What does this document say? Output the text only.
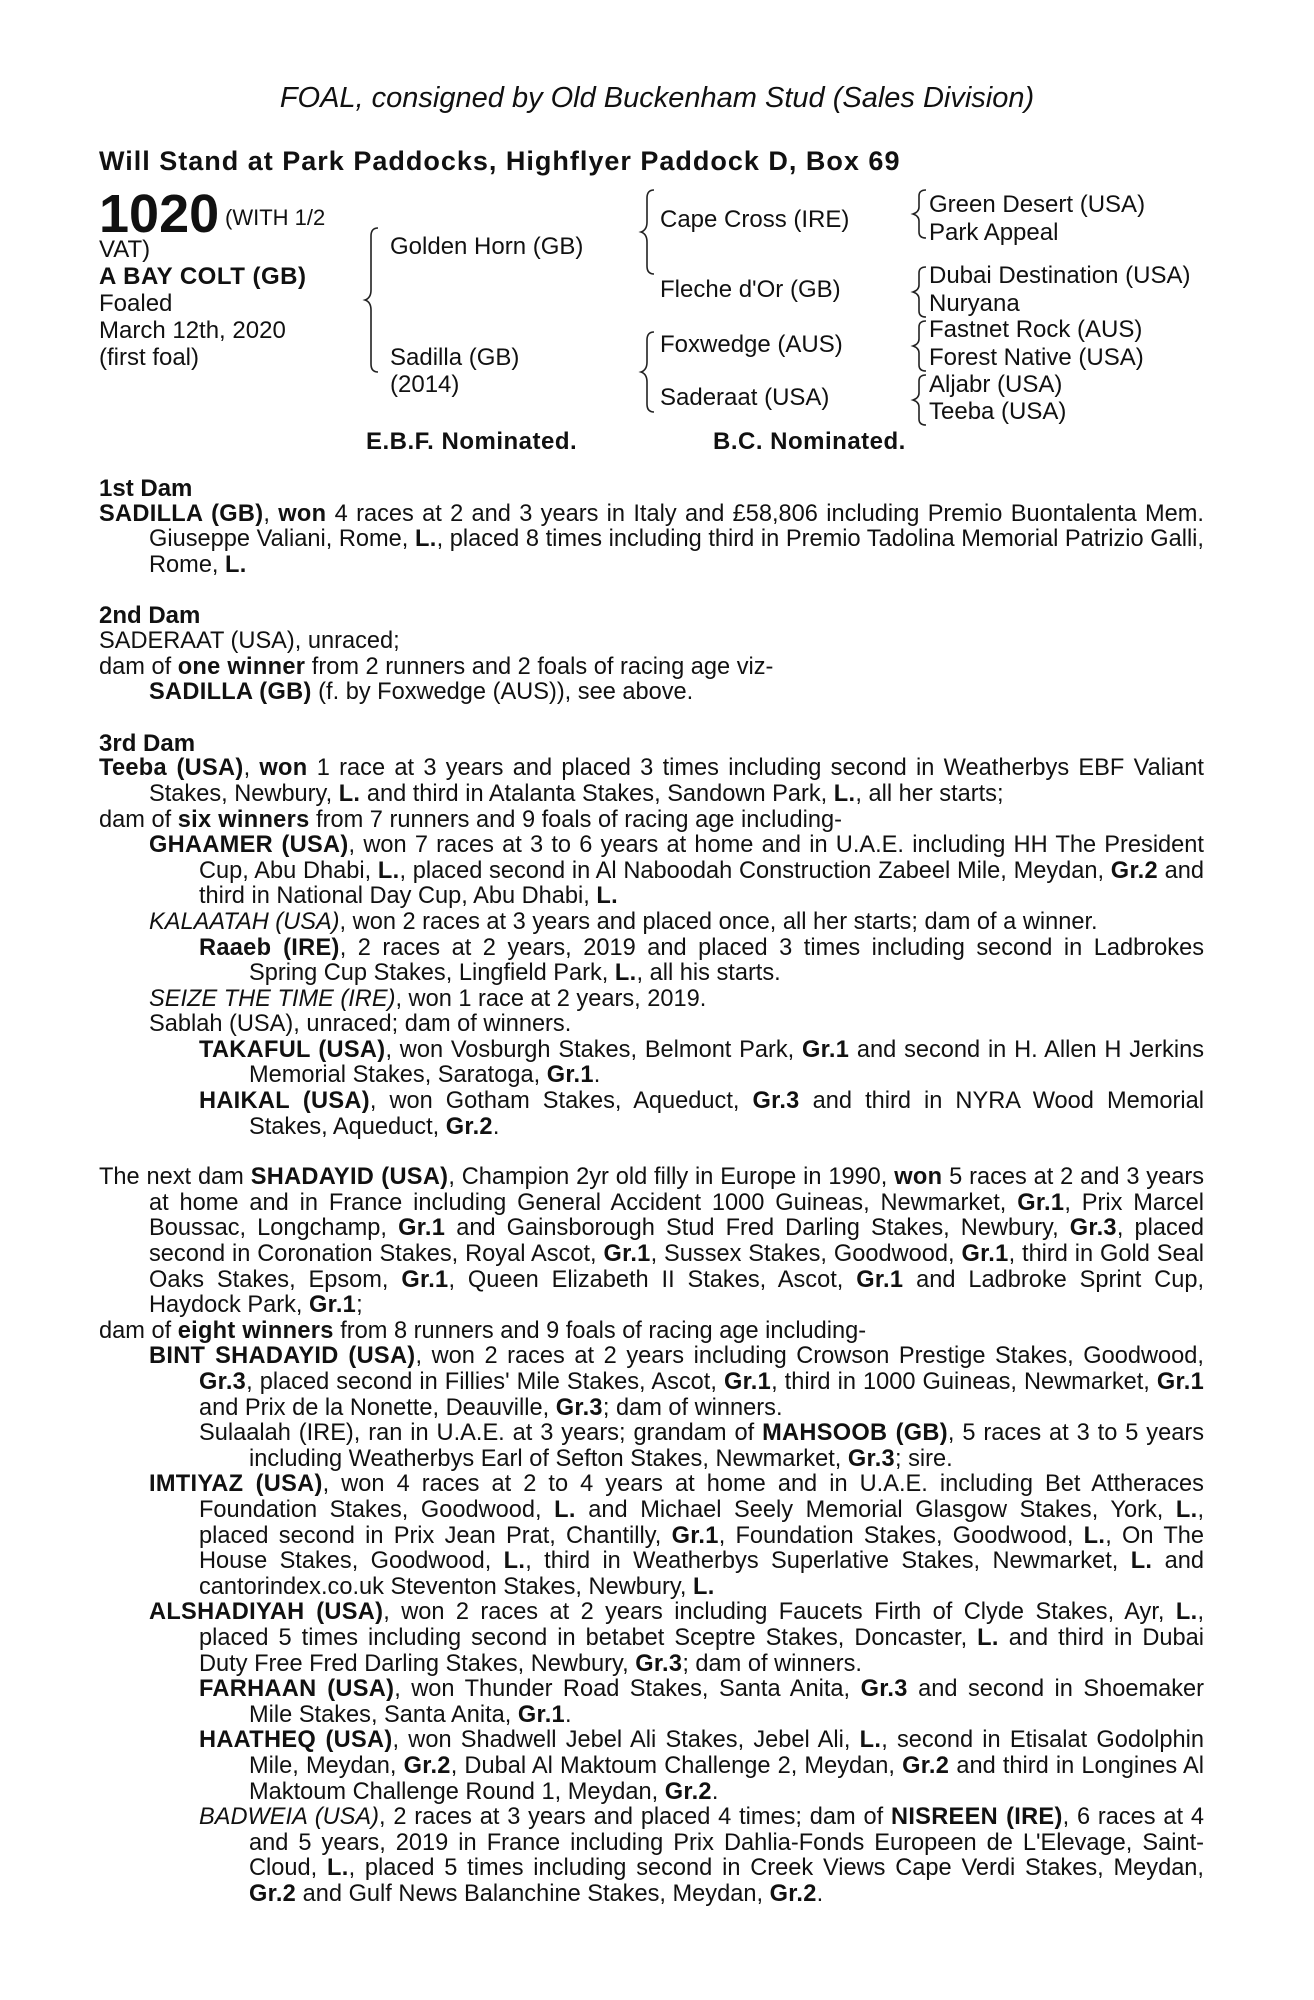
FOAL, consigned by Old Buckenham Stud (Sales Division)
Will Stand at Park Paddocks, Highflyer Paddock D, Box 69
1020 (WITH 1/2
VAT)
A BAY COLT (GB)
Foaled
March 12th, 2020
(first foal)
Golden Horn (GB)
Sadilla (GB)
(2014)
Cape Cross (IRE)
Fleche d'Or (GB)
Foxwedge (AUS)
Saderaat (USA)
Green Desert (USA)
Park Appeal
Dubai Destination (USA)
Nuryana
Fastnet Rock (AUS)
Forest Native (USA)
Aljabr (USA)
Teeba (USA)
E.B.F. Nominated.	B.C. Nominated.
1st Dam
SADILLA (GB), won 4 races at 2 and 3 years in Italy and £58,806 including Premio Buontalenta Mem. Giuseppe Valiani, Rome, L., placed 8 times including third in Premio Tadolina Memorial Patrizio Galli, Rome, L.
2nd Dam
SADERAAT (USA), unraced;
dam of one winner from 2 runners and 2 foals of racing age viz-
SADILLA (GB) (f. by Foxwedge (AUS)), see above.
3rd Dam
Teeba (USA), won 1 race at 3 years and placed 3 times including second in Weatherbys EBF Valiant Stakes, Newbury, L. and third in Atalanta Stakes, Sandown Park, L., all her starts;
dam of six winners from 7 runners and 9 foals of racing age including-
GHAAMER (USA), won 7 races at 3 to 6 years at home and in U.A.E. including HH The President Cup, Abu Dhabi, L., placed second in Al Naboodah Construction Zabeel Mile, Meydan, Gr.2 and third in National Day Cup, Abu Dhabi, L.
KALAATAH (USA), won 2 races at 3 years and placed once, all her starts; dam of a winner.
Raaeb (IRE), 2 races at 2 years, 2019 and placed 3 times including second in Ladbrokes Spring Cup Stakes, Lingfield Park, L., all his starts.
SEIZE THE TIME (IRE), won 1 race at 2 years, 2019.
Sablah (USA), unraced; dam of winners.
TAKAFUL (USA), won Vosburgh Stakes, Belmont Park, Gr.1 and second in H. Allen H Jerkins Memorial Stakes, Saratoga, Gr.1.
HAIKAL (USA), won Gotham Stakes, Aqueduct, Gr.3 and third in NYRA Wood Memorial Stakes, Aqueduct, Gr.2.
The next dam SHADAYID (USA), Champion 2yr old filly in Europe in 1990, won 5 races at 2 and 3 years at home and in France including General Accident 1000 Guineas, Newmarket, Gr.1, Prix Marcel Boussac, Longchamp, Gr.1 and Gainsborough Stud Fred Darling Stakes, Newbury, Gr.3, placed second in Coronation Stakes, Royal Ascot, Gr.1, Sussex Stakes, Goodwood, Gr.1, third in Gold Seal Oaks Stakes, Epsom, Gr.1, Queen Elizabeth II Stakes, Ascot, Gr.1 and Ladbroke Sprint Cup, Haydock Park, Gr.1;
dam of eight winners from 8 runners and 9 foals of racing age including-
BINT SHADAYID (USA), won 2 races at 2 years including Crowson Prestige Stakes, Goodwood, Gr.3, placed second in Fillies' Mile Stakes, Ascot, Gr.1, third in 1000 Guineas, Newmarket, Gr.1 and Prix de la Nonette, Deauville, Gr.3; dam of winners.
Sulaalah (IRE), ran in U.A.E. at 3 years; grandam of MAHSOOB (GB), 5 races at 3 to 5 years including Weatherbys Earl of Sefton Stakes, Newmarket, Gr.3; sire.
IMTIYAZ (USA), won 4 races at 2 to 4 years at home and in U.A.E. including Bet Attheraces Foundation Stakes, Goodwood, L. and Michael Seely Memorial Glasgow Stakes, York, L., placed second in Prix Jean Prat, Chantilly, Gr.1, Foundation Stakes, Goodwood, L., On The House Stakes, Goodwood, L., third in Weatherbys Superlative Stakes, Newmarket, L. and cantorindex.co.uk Steventon Stakes, Newbury, L.
ALSHADIYAH (USA), won 2 races at 2 years including Faucets Firth of Clyde Stakes, Ayr, L., placed 5 times including second in betabet Sceptre Stakes, Doncaster, L. and third in Dubai Duty Free Fred Darling Stakes, Newbury, Gr.3; dam of winners.
FARHAAN (USA), won Thunder Road Stakes, Santa Anita, Gr.3 and second in Shoemaker Mile Stakes, Santa Anita, Gr.1.
HAATHEQ (USA), won Shadwell Jebel Ali Stakes, Jebel Ali, L., second in Etisalat Godolphin Mile, Meydan, Gr.2, Dubal Al Maktoum Challenge 2, Meydan, Gr.2 and third in Longines Al Maktoum Challenge Round 1, Meydan, Gr.2.
BADWEIA (USA), 2 races at 3 years and placed 4 times; dam of NISREEN (IRE), 6 races at 4 and 5 years, 2019 in France including Prix Dahlia-Fonds Europeen de L'Elevage, Saint-Cloud, L., placed 5 times including second in Creek Views Cape Verdi Stakes, Meydan, Gr.2 and Gulf News Balanchine Stakes, Meydan, Gr.2.
